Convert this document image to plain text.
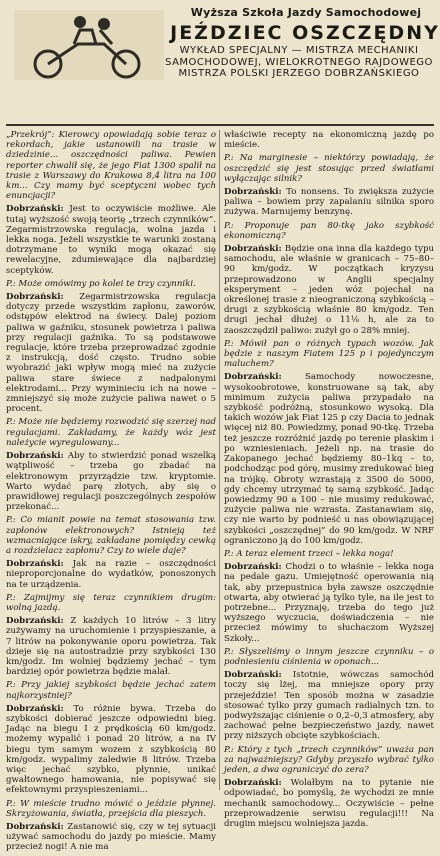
Wyższa Szkoła Jazdy Samochodowej
JEŹDZIEC OSZCZĘDNY
WYKŁAD SPECJALNY — MISTRZA MECHANIKI SAMOCHODOWEJ, WIELOKROTNEGO RAJDOWEGO MISTRZA POLSKI JERZEGO DOBRZAŃSKIEGO

„Przekrój”: Kierowcy opowiadają sobie teraz o rekordach, jakie ustanowili na trasie w dziedzinie... oszczędności paliwa. Pewien reporter chwalił się, że jego Fiat 1300 spalił na trasie z Warszawy do Krakowa 8,4 litra na 100 km... Czy mamy być sceptyczni wobec tych enuncjacji?

Dobrzański: Jest to oczywiście możliwe. Ale tutaj wyższość swoją teorię „trzech czynników”. Zegarmistrzowska regulacja, wolna jazda i lekka noga. Jeżeli wszystkie te warunki zostaną dotrzymane to wyniki mogą okazać się rewelacyjne, zdumiewające dla najbardziej sceptyków.

P.: Może omówimy po kolei te trzy czynniki.

Dobrzański: Zegarmistrzowska regulacja dotyczy przede wszystkim zapłonu, zaworów, odstępów elektrod na świecy. Dalej poziom paliwa w gaźniku, stosunek powietrza i paliwa przy regulacji gaźnika. To są podstawowe regulacje, które trzeba przeprowadzać zgodnie z instrukcją, dość często. Trudno sobie wyobrazić jaki wpływ mogą mieć na zużycie paliwa stare świece z nadpalonymi elektrodami... Przy wyminieciu ich na nowe – zmniejszyć się może zużycie paliwa nawet o 5 procent.

P.: Może nie będziemy rozwodzić się szerzej nad regulacjami. Zakładamy, że każdy wóz jest należycie wyregulowany...

Dobrzański: Aby to stwierdzić ponad wszelką wątpliwość – trzeba go zbadać na elektronowym przyrządzie tzw. kryptomie. Warto wydać parę złotych, aby się o prawidłowej regulacji poszczególnych zespołów przekonać...

P.: Co mianit powie na temat stosowania tzw. zapłonów elektronowych? Istnieją też wzmacniające iskry, zakładane pomiędzy cewką a rozdzielacz zapłonu? Czy to wiele daje?

Dobrzański: Jak na razie – oszczędności nieproporcjonalne do wydatków, ponoszonych na te urządzenia.

P.: Zajmijmy się teraz czynnikiem drugim: wolną jazdą.

Dobrzański: Z każdych 10 litrów – 3 litry zużywamy na uruchomienie i przyspieszanie, a 7 litrów na pokonywanie oporu powietrza. Tak dzieje się na autostradzie przy szybkości 130 km/godz. Im wolniej będziemy jechać – tym bardziej opór powietrza będzie malał.

P.: Przy jakiej szybkości będzie jechać zatem najkorzystniej?

Dobrzański: To różnie bywa. Trzeba do szybkości dobierać jeszcze odpowiedni bieg. Jadąc na biegu I z prędkością 60 km/godz. możemy wypalić i ponad 20 litrów, a na IV biegu tym samym wozem z szybkością 80 km/godz. wypalimy zaledwie 8 litrów. Trzeba więc jechać szybko, płynnie, unikać gwałtownego hamowania, nie popisywać się efektownymi przyspieszeniami...

P.: W mieście trudno mówić o jeździe płynnej. Skrzyżowania, światła, przejścia dla pieszych.

Dobrzański: Zastanowić się, czy w tej sytuacji używać samochodu do jazdy po mieście. Mamy przecież nogi! A nie ma

właściwie recepty na ekonomiczną jazdę po mieście.

P.: Na marginesie – niektórzy powiadają, że oszczędzić się jest stosując przed światłami wyłączając silnik?

Dobrzański: To nonsens. To zwiększa zużycie paliwa – bowiem przy zapalaniu silnika sporo zużywa. Marnujemy benzynę.

P.: Proponuje pan 80-tkę jako szybkość ekonomiczną?

Dobrzański: Będzie ona inna dla każdego typu samochodu, ale właśnie w granicach – 75–80–90 km/godz. W początkach kryzysu przeprowadzono w Anglii specjalny eksperyment – jeden wóz pojechał na określonej trasie z nieograniczoną szybkością – drugi z szybkością właśnie 80 km/godz. Ten drugi jechał dłużej o 11⅛ h, ale za to zaoszczędził paliwo: zużył go o 28% mniej.

P.: Mówił pan o różnych typach wozów. Jak będzie z naszym Fiatem 125 p i pojedynczym maluchem?

Dobrzański:	Samochody nowoczesne, wysokoobrotowe, konstruowane są tak, aby minimum zużycia paliwa przypadało na szybkość podróżną, stosunkowo wysoką. Dla takich wozów jak Fiat 125 p czy Dacia to jednak więcej niż 80. Powiedzmy, ponad 90-tkę. Trzeba też jeszcze rozróżnić jazdę po terenie płaskim i po wzniesieniach. Jeżeli np. na trasie do Zakopanego jechać będziemy 80–1kq – to, podchodząc pod górę, musimy zredukować bieg na trójkę. Obroty wzrastają z 3500 do 5000, gdy chcemy utrzymać tę samą szybkość. Jadąc powiedzmy 90 a 100 – nie musimy redukować, zużycie paliwa nie wzrasta. Zastanawiam się, czy nie warto by podnieść u nas obowiązującej szybkości „oszczędnej” do 90 km/godz. W NRF ograniczono ją do 100 km/godz.

P.: A teraz element trzeci – lekka noga!

Dobrzański: Chodzi o to właśnie – lekka noga na pedale gazu. Umiejętność operowania nią tak, aby przepustnica była zawsze oszczędnie otwarta, aby otwierać ją tylko tyle, na ile jest to potrzebne... Przyznaję, trzeba do tego już wyższego wyczucia, doświadczenia – nie przecież mówimy to słuchaczom Wyższej Szkoły...

P.: Słyszeliśmy o innym jeszcze czynniku – o podniesieniu ciśnienia w oponach...

Dobrzański: Istotnie, wówczas samochód toczy się lżej, ma mniejsze opory przy przejeździe! Ten sposób można w zasadzie stosować tylko przy gumach radialnych tzn. to podwyższając ciśnienie o 0,2–0,3 atmosfery, aby zachować pełne bezpieczeństwo jazdy, nawet przy niższych obcięte szybkościach.

P.: Który z tych „trzech czynników” uważa pan za najważniejszy? Gdyby przyszło wybrać tylko jeden, a dwa ograniczyć do zera?

Dobrzański: Wolałbym na to pytanie nie odpowiadać, bo pomyślą, że wychodzi ze mnie mechanik samochodowy... Oczywiście – pełne przeprowadzenie serwisu regulacji!!! Na drugim miejscu wolniejsza jazda.
